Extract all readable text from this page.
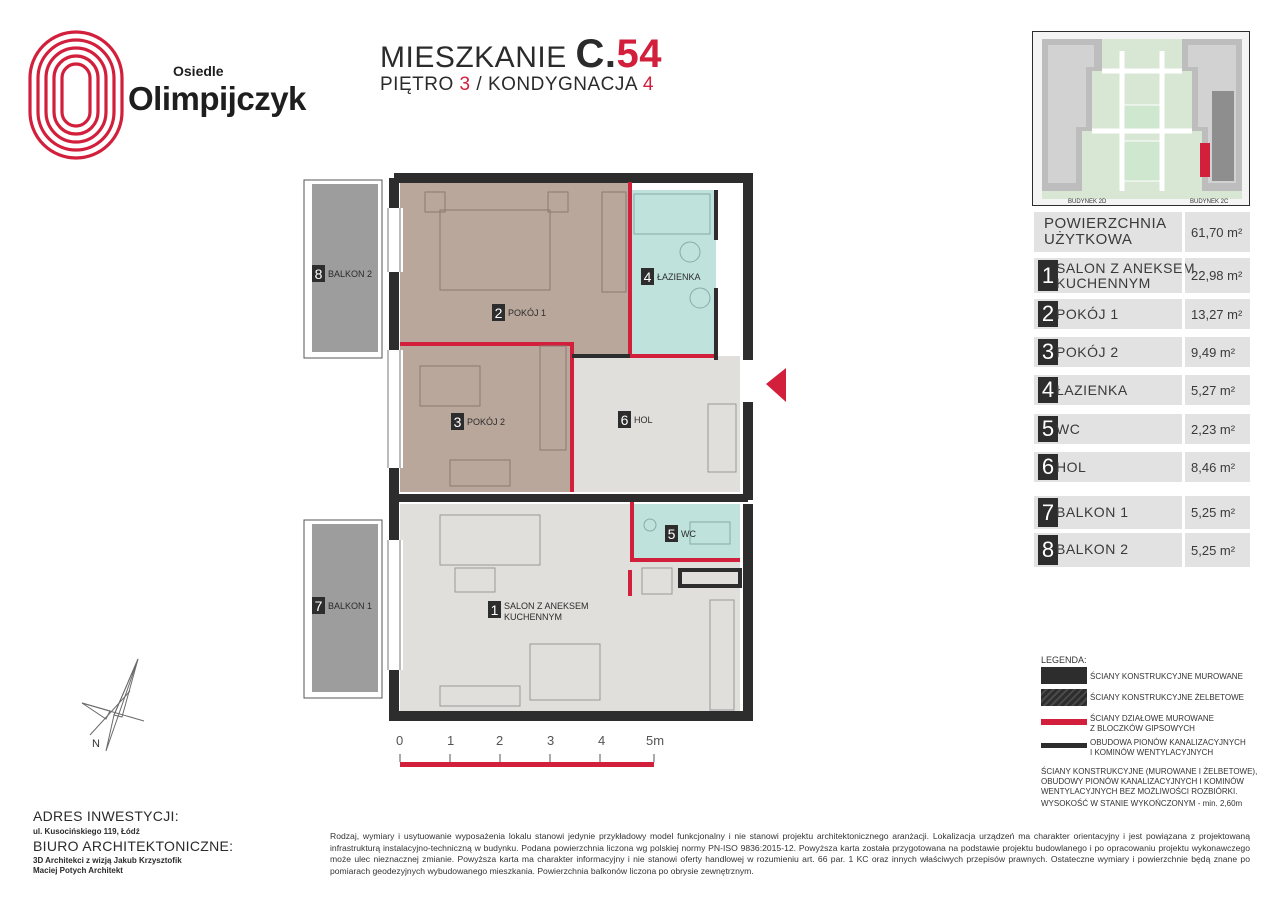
Osiedle
Olimpijczyk
MIESZKANIE C.54
PIĘTRO 3 / KONDYGNACJA 4
BUDYNEK 2D	BUDYNEK 2C
POWIERZCHNIA
UŻYTKOWA	61,70 m²
1 SALON Z ANEKSEM
KUCHENNYM	22,98 m²
2 POKÓJ 1	13,27 m²
3 POKÓJ 2	9,49 m²
4 ŁAZIENKA	5,27 m²
5 WC	2,23 m²
6 HOL	8,46 m²
7 BALKON 1	5,25 m²
8 BALKON 2	5,25 m²
LEGENDA:
ŚCIANY KONSTRUKCYJNE MUROWANE
ŚCIANY KONSTRUKCYJNE ŻELBETOWE
ŚCIANY DZIAŁOWE MUROWANE
Z BLOCZKÓW GIPSOWYCH
OBUDOWA PIONÓW KANALIZACYJNYCH
I KOMINÓW WENTYLACYJNYCH
ŚCIANY KONSTRUKCYJNE (MUROWANE I ŻELBETOWE), OBUDOWY PIONÓW KANALIZACYJNYCH I KOMINÓW WENTYLACYJNYCH BEZ MOŻLIWOŚCI ROZBIÓRKI.
WYSOKOŚĆ W STANIE WYKOŃCZONYM - min. 2,60m
2 POKÓJ 1
3 POKÓJ 2
4 ŁAZIENKA
6 HOL
5 WC
1 SALON Z ANEKSEM
KUCHENNYM
7 BALKON 1
8 BALKON 2
N	0	1	2	3	4	5m
ADRES INWESTYCJI:
ul. Kusocińskiego 119, Łódź
BIURO ARCHITEKTONICZNE:
3D Architekci z wizją Jakub Krzysztofik
Maciej Potych Architekt
Rodzaj, wymiary i usytuowanie wyposażenia lokalu stanowi jedynie przykładowy model funkcjonalny i nie stanowi projektu architektonicznego aranżacji. Lokalizacja urządzeń ma charakter orientacyjny i jest powiązana z projektowaną infrastrukturą instalacyjno-techniczną w budynku. Podana powierzchnia liczona wg polskiej normy PN-ISO 9836:2015-12. Powyższa karta została przygotowana na podstawie projektu budowlanego i po opracowaniu projektu wykonawczego może ulec nieznacznej zmianie. Powyższa karta ma charakter informacyjny i nie stanowi oferty handlowej w rozumieniu art. 66 par. 1 KC oraz innych właściwych przepisów prawnych. Ostateczne wymiary i powierzchnie będą znane po pomiarach geodezyjnych wybudowanego mieszkania. Powierzchnia balkonów liczona po obrysie zewnętrznym.
